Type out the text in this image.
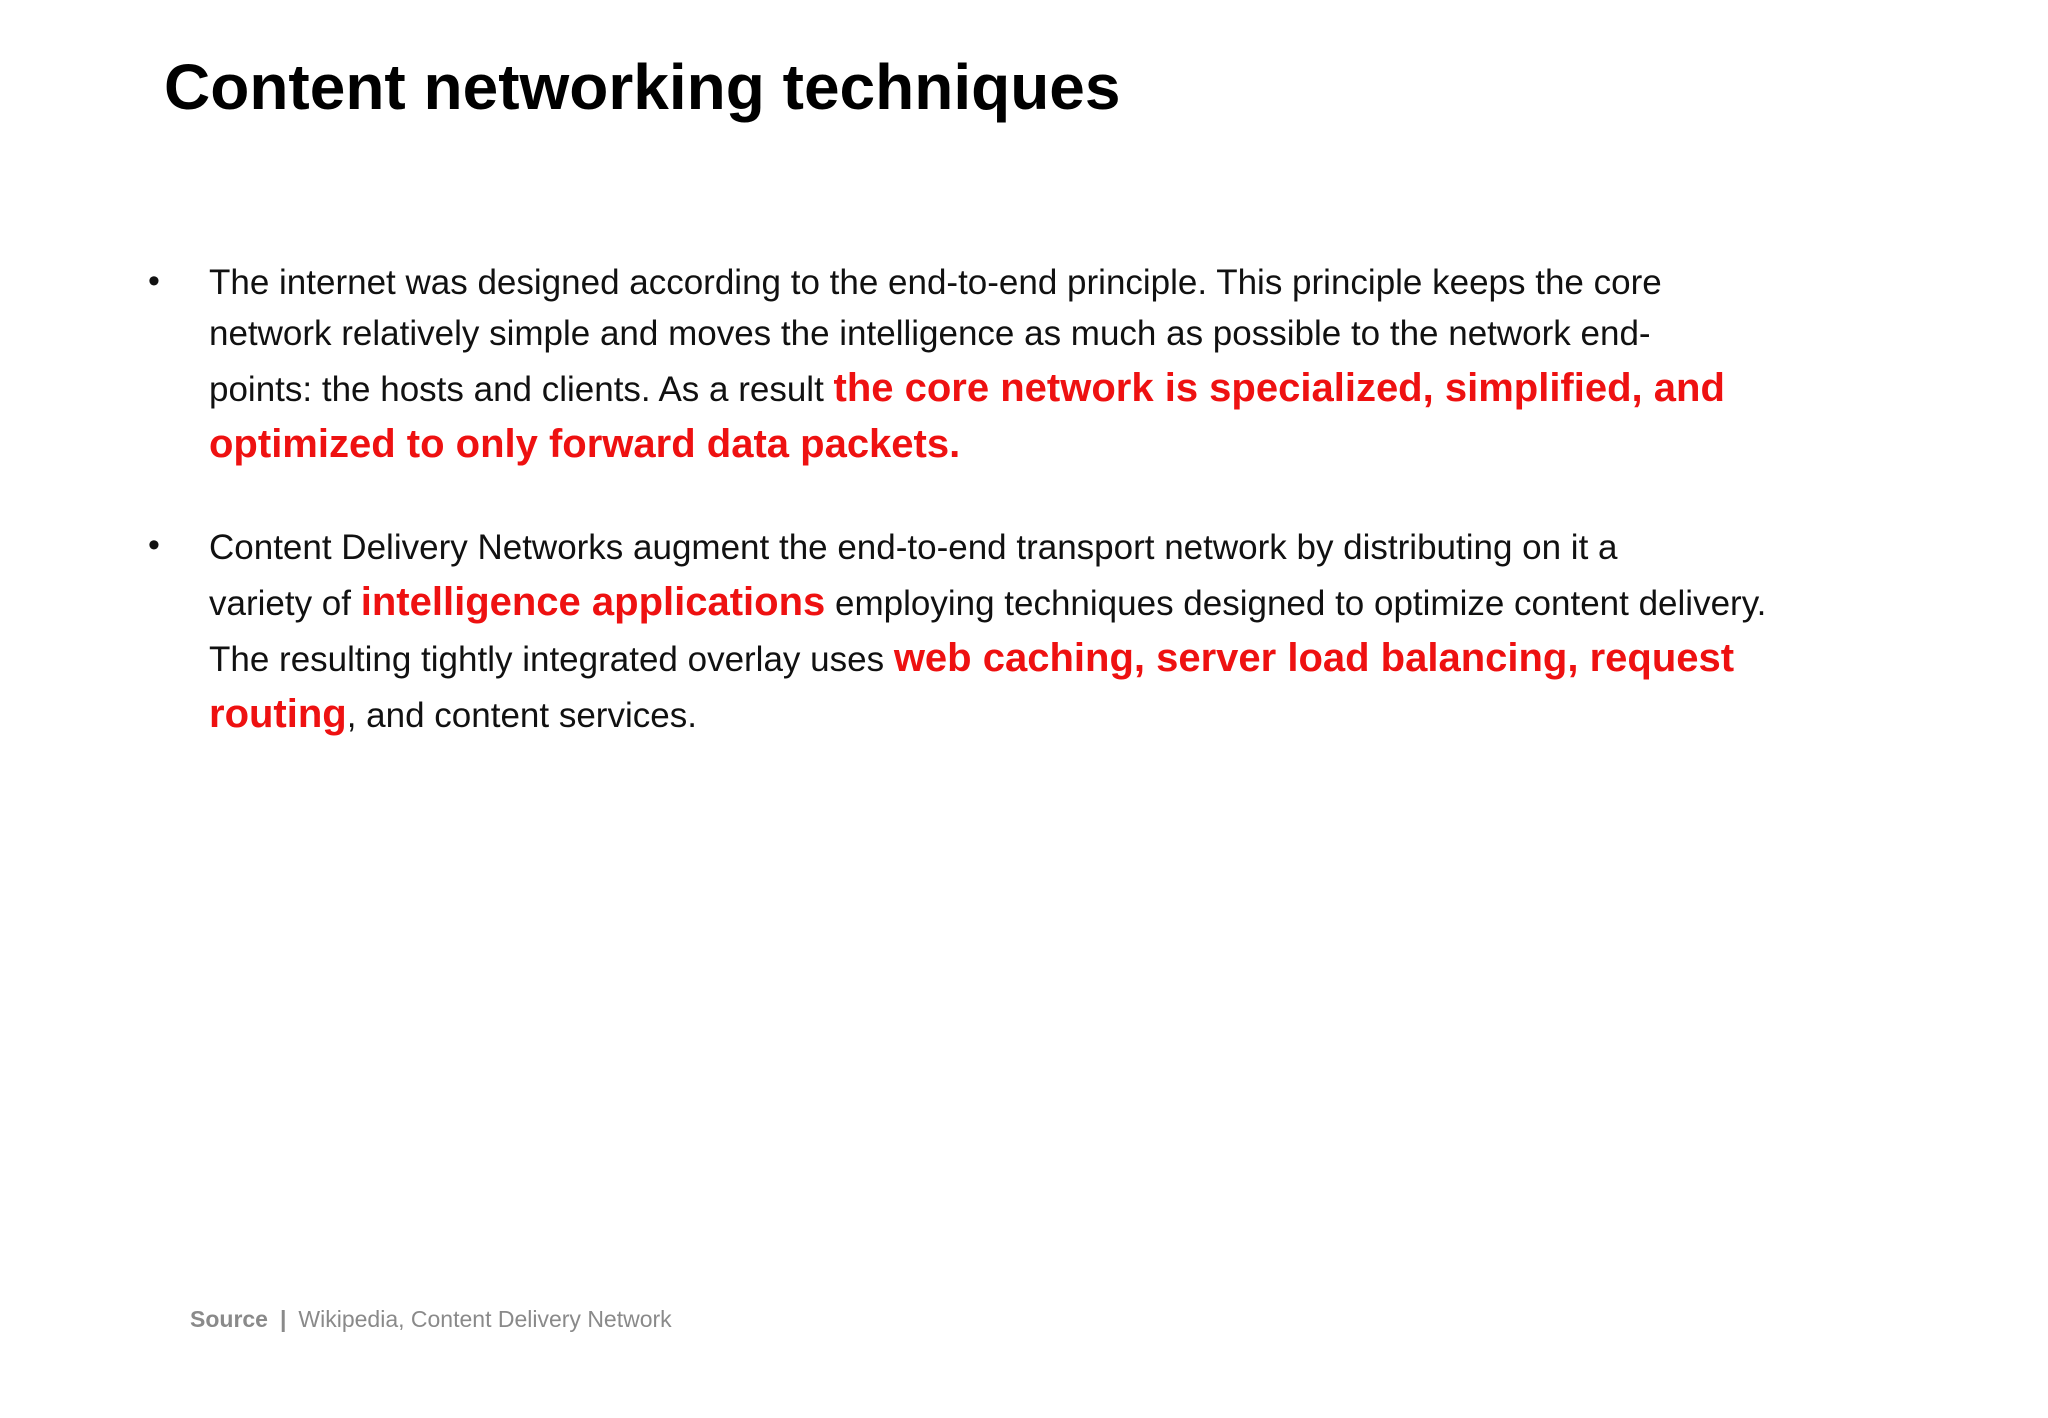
Content networking techniques
• The internet was designed according to the end-to-end principle. This principle keeps the core
network relatively simple and moves the intelligence as much as possible to the network end-
points: the hosts and clients. As a result the core network is specialized, simplified, and
optimized to only forward data packets.
• Content Delivery Networks augment the end-to-end transport network by distributing on it a
variety of intelligence applications employing techniques designed to optimize content delivery.
The resulting tightly integrated overlay uses web caching, server load balancing, request
routing, and content services.
Source | Wikipedia, Content Delivery Network
